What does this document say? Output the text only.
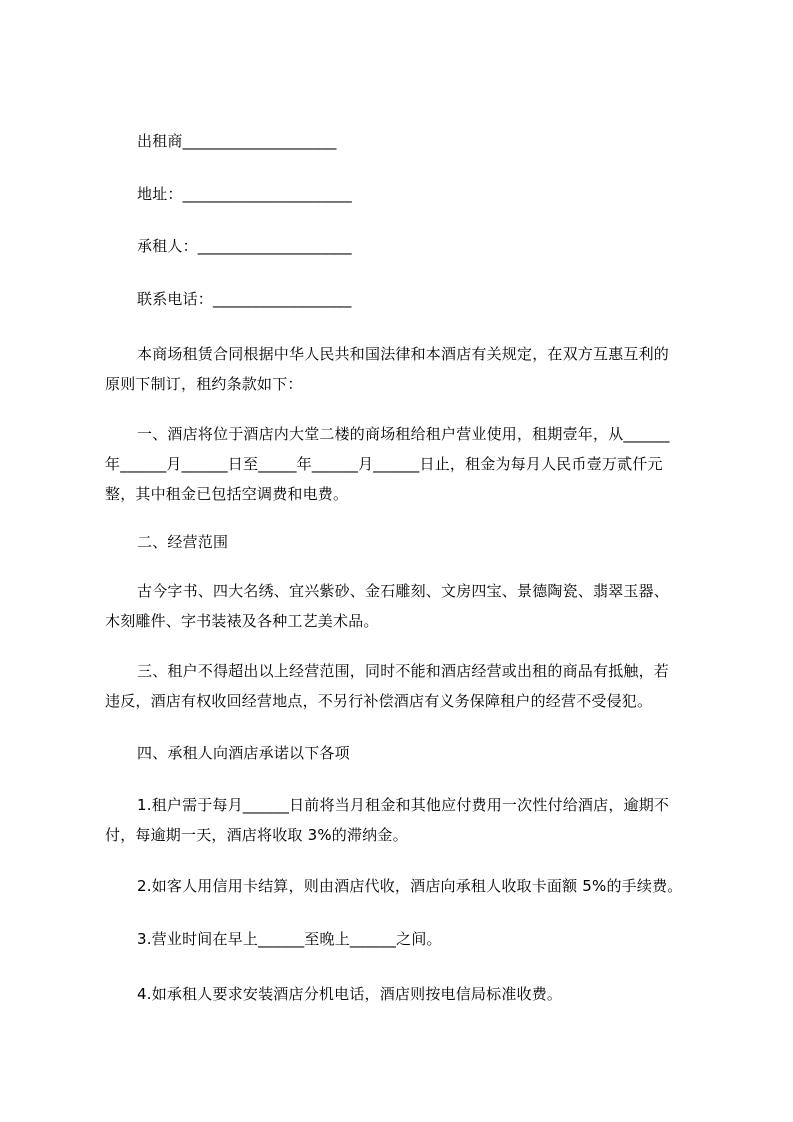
出租商____________________
地址：______________________
承租人：____________________
联系电话：__________________
本商场租赁合同根据中华人民共和国法律和本酒店有关规定，在双方互惠互利的
原则下制订，租约条款如下：
一、酒店将位于酒店内大堂二楼的商场租给租户营业使用，租期壹年，从______
年______月______日至_____年______月______日止，租金为每月人民币壹万贰仟元
整，其中租金已包括空调费和电费。
二、经营范围
古今字书、四大名绣、宜兴紫砂、金石雕刻、文房四宝、景德陶瓷、翡翠玉器、
木刻雕件、字书装裱及各种工艺美术品。
三、租户不得超出以上经营范围，同时不能和酒店经营或出租的商品有抵触，若
违反，酒店有权收回经营地点，不另行补偿酒店有义务保障租户的经营不受侵犯。
四、承租人向酒店承诺以下各项
1.租户需于每月______日前将当月租金和其他应付费用一次性付给酒店，逾期不
付，每逾期一天，酒店将收取 3%的滞纳金。
2.如客人用信用卡结算，则由酒店代收，酒店向承租人收取卡面额 5%的手续费。
3.营业时间在早上______至晚上______之间。
4.如承租人要求安装酒店分机电话，酒店则按电信局标准收费。
